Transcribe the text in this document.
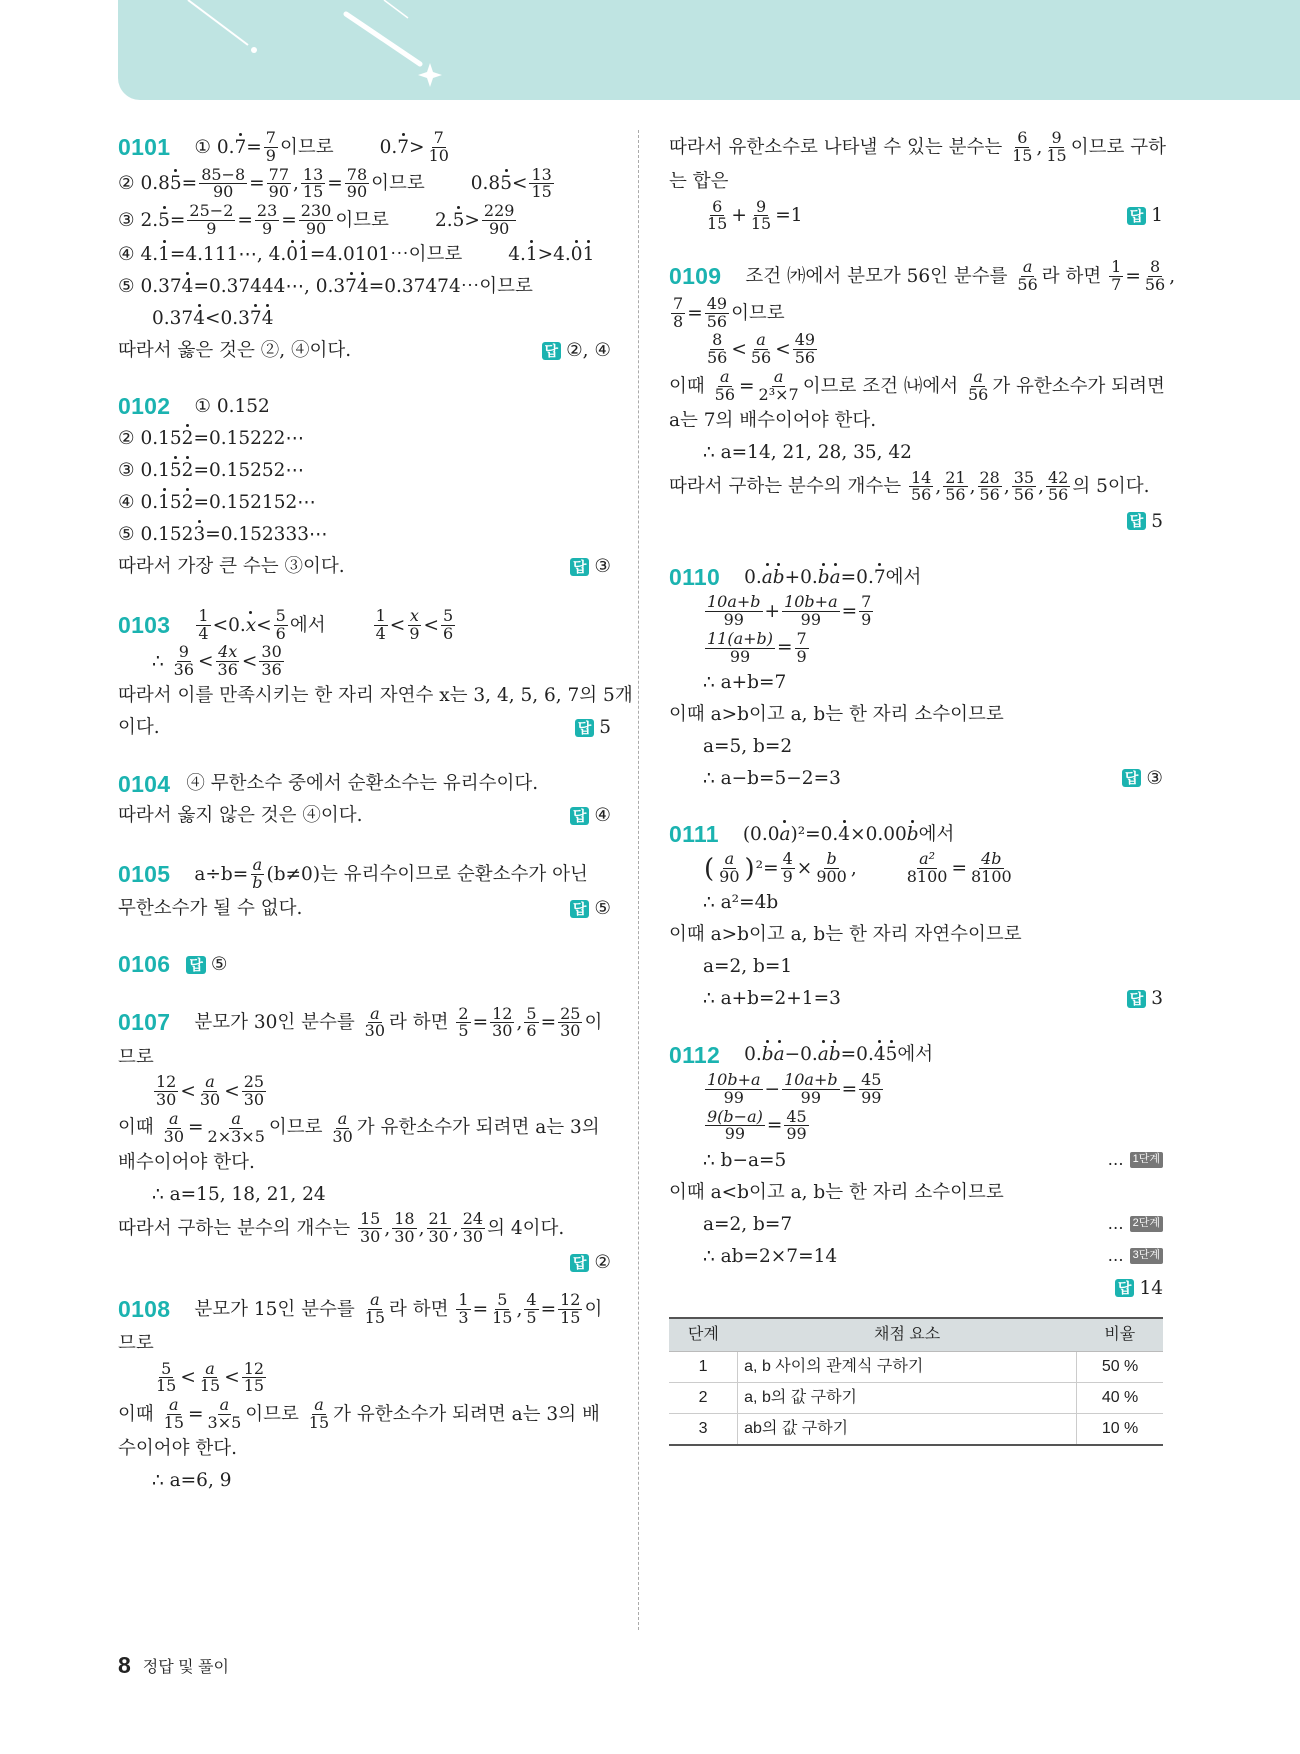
0101 ① 0. $7 = \frac{7}{9}$ 이므로 0. $7 > \frac{7}{10}$
② 0.8 $5 = \frac{85-8}{90} = \frac{77}{90}$ , $\frac{13}{15} = \frac{78}{90}$ 이므로 0.8 $5 < \frac{13}{15}$
③ 2. $5 = \frac{25-2}{9} = \frac{23}{9} = \frac{230}{90}$ 이므로 2. $5 > \frac{229}{90}$
④ 4. 1 =4.111⋯, 4. 0 1 =4.0101⋯이므로 4. 1 >4. 0 1
⑤ 0.37 4 =0.37444⋯, 0. 3 7 4 =0.37474⋯이므로
0.37 4 <0. 3 7 4
따라서 옳은 것은 ②, ④이다.	답 ②, ④
0102 ① 0.152
② 0.15 2 =0.15222⋯
③ 0.1 5 2 =0.15252⋯
④ 0. 1 5 2 =0.152152⋯
⑤ 0.152 3 =0.152333⋯
따라서 가장 큰 수는 ③이다.	답 ③
$0103 \frac{1}{4} <0$. $x < \frac{5}{6}$ 에서	$\frac{1}{4} < \frac{x}{9} < \frac{5}{6}$
∴
$\frac{9}{36} < \frac{4x}{36} < \frac{30}{36}$
따라서 이를 만족시키는 한 자리 자연수 x는 3, 4, 5, 6, 7의 5개
이다.	답 5
0104 ④ 무한소수 중에서 순환소수는 유리수이다.
따라서 옳지 않은 것은 ④이다.	답 ④
0105 $a\div b= \frac{a}{b} (b\ne 0)$는 유리수이므로 순환소수가 아닌
무한소수가 될 수 없다.	답 ⑤
0106 답 ⑤
0107 분모가 30인 분수를
$\frac{a}{30}$ 라 하면
$\frac{2}{5} = \frac{12}{30}$ , $\frac{5}{6} = \frac{25}{30}$ 이
므로
$\frac{12}{30} < \frac{a}{30} < \frac{25}{30}$
이때
$\frac{a}{30} = \frac{a}{2\times 3\times 5}$ 이므로
$\frac{a}{30}$ 가 유한소수가 되려면 a는 3의
배수이어야 한다.
∴ a=15, 18, 21, 24
따라서 구하는 분수의 개수는
$\frac{15}{30}$ , $\frac{18}{30}$ , $\frac{21}{30}$ , $\frac{24}{30}$ 의 4이다.
답 ②
0108 분모가 15인 분수를
$\frac{a}{15}$ 라 하면
$\frac{1}{3} = \frac{5}{15}$ , $\frac{4}{5} = \frac{12}{15}$ 이
므로
$\frac{5}{15} < \frac{a}{15} < \frac{12}{15}$
이때
$\frac{a}{15} = \frac{a}{3\times 5}$ 이므로
$\frac{a}{15}$ 가 유한소수가 되려면 a는 3의 배
수이어야 한다.
∴ a=6, 9
따라서 유한소수로 나타낼 수 있는 분수는
$\frac{6}{15}$ , $\frac{9}{15}$ 이므로 구하
는 합은
$\frac{6}{15} + \frac{9}{15} =1$	답 1
0109 조건 ㈎에서 분모가 56인 분수를
$\frac{a}{56}$ 라 하면
$\frac{1}{7} = \frac{8}{56}$ ,
$\frac{7}{8} = \frac{49}{56}$ 이므로
$\frac{8}{56} < \frac{a}{56} < \frac{49}{56}$
이때
$\frac{a}{56} = \frac{a}{\text{2³×7}}$ 이므로 조건 ㈏에서
$\frac{a}{56}$ 가 유한소수가 되려면
a는 7의 배수이어야 한다.
∴ a=14, 21, 28, 35, 42
따라서 구하는 분수의 개수는
$\frac{14}{56}$ , $\frac{21}{56}$ , $\frac{28}{56}$ , $\frac{35}{56}$ , $\frac{42}{56}$ 의 5이다.
답 5
0110 0. a b +0. b a =0. 7 에서
$\frac{10a+b}{99} + \frac{10b+a}{99} = \frac{7}{9}$
$\frac{11(a+b)}{99} = \frac{7}{9}$
∴ a+b=7
이때 a>b이고 a, b는 한 자리 소수이므로
a=5, b=2
∴ a−b=5−2=3	답 ③
0111 (0.0 a )²=0. 4 ×0.00 b 에서
( $\frac{a}{90}$ ) $^2 = \frac{4}{9} \times \frac{b}{900}$ ,	$\frac{\text{a²}}{8100} = \frac{4b}{8100}$
∴ a²=4b
이때 a>b이고 a, b는 한 자리 자연수이므로
a=2, b=1
∴ a+b=2+1=3	답 3
0112 0. b a −0. a b =0. 4 5 에서
$\frac{10b+a}{99} - \frac{10a+b}{99} = \frac{45}{99}$
$\frac{9(b-a)}{99} = \frac{45}{99}$
∴ b−a=5	… 1단계
이때 a<b이고 a, b는 한 자리 소수이므로
a=2, b=7	… 2단계
∴ ab=2×7=14	… 3단계
답 14
단계	채점 요소	비율
1	a, b 사이의 관계식 구하기	50 %
2	a, b의 값 구하기	40 %
3	ab의 값 구하기	10 %
8 정답 및 풀이
